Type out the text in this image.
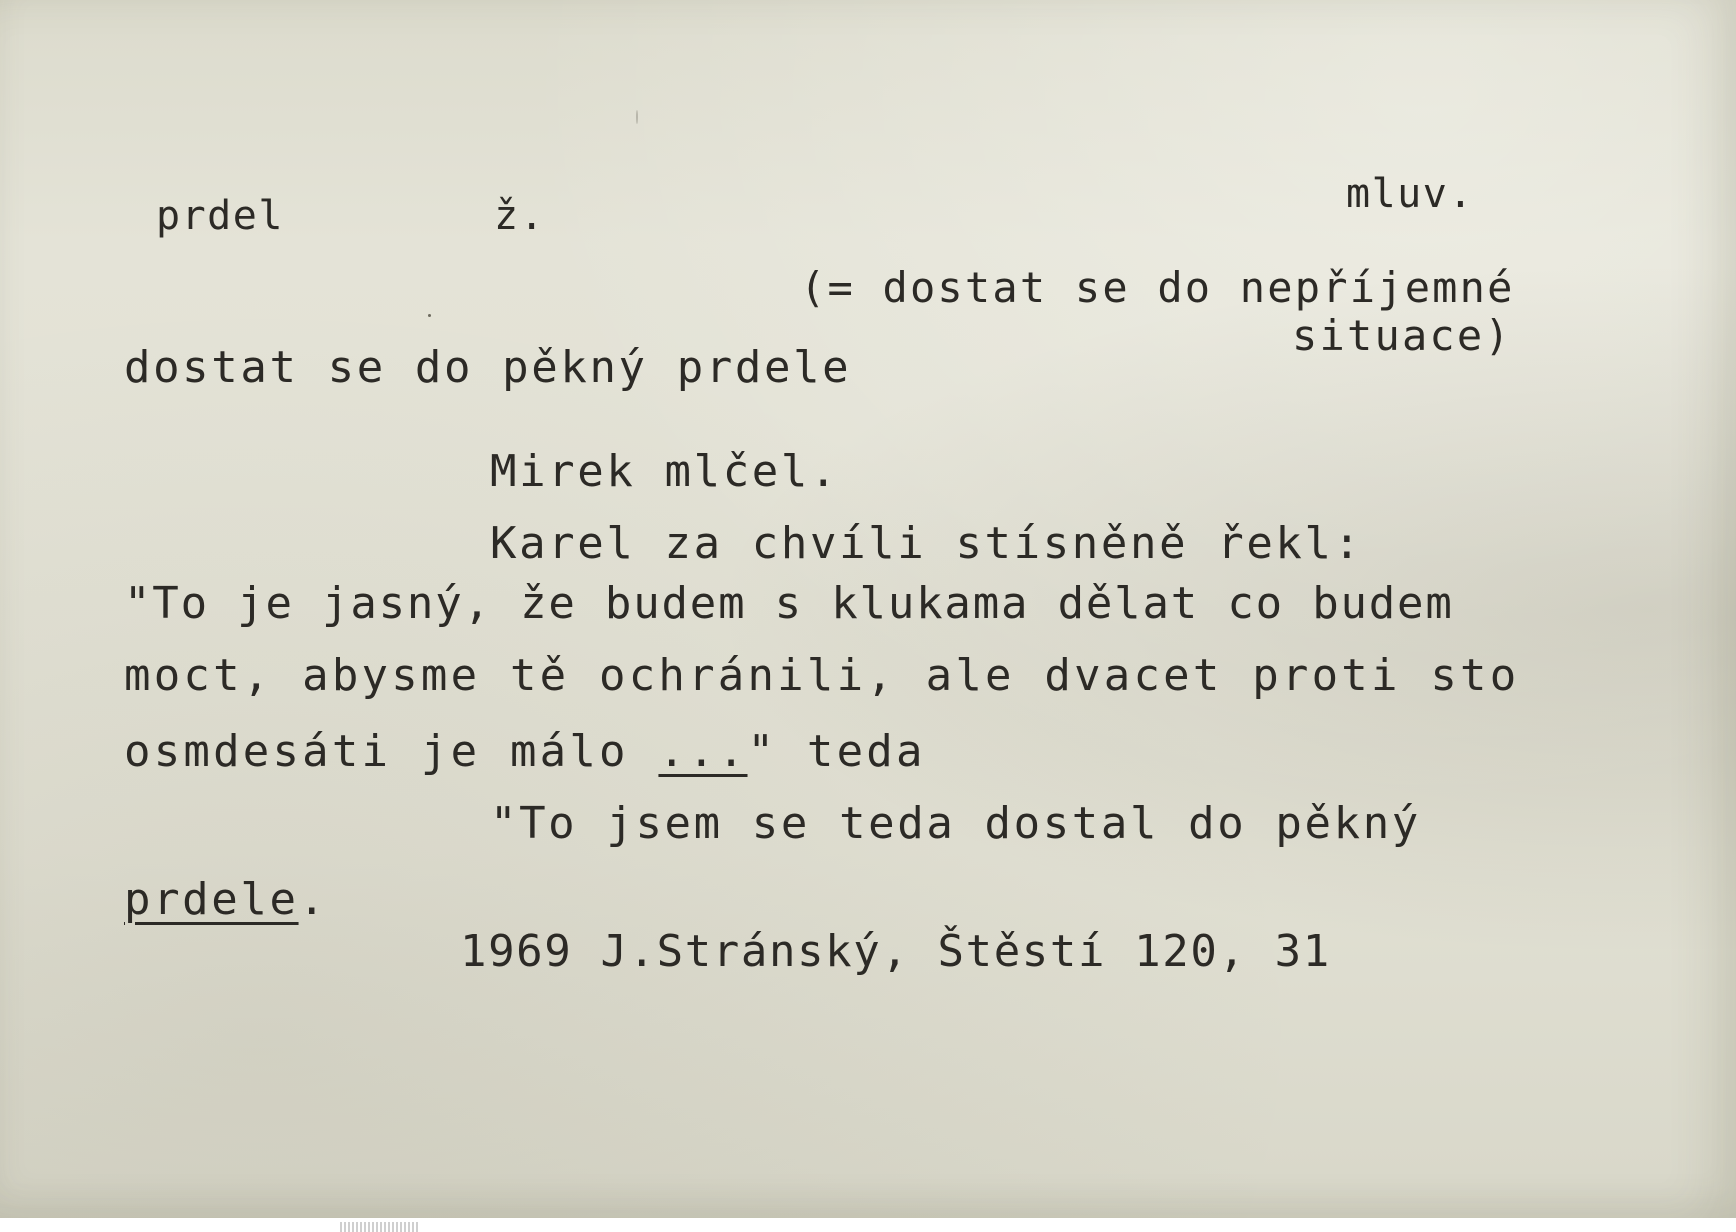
prdel	ž.	mluv.
(= dostat se do nepříjemné
situace)
dostat se do pěkný prdele
Mirek mlčel.
Karel za chvíli stísněně řekl:
"To je jasný, že budem s klukama dělat co budem
moct, abysme tě ochránili, ale dvacet proti sto
osmdesáti je málo ..." teda
"To jsem se teda dostal do pěkný
prdele.
1969 J.Stránský, Štěstí 120, 31
